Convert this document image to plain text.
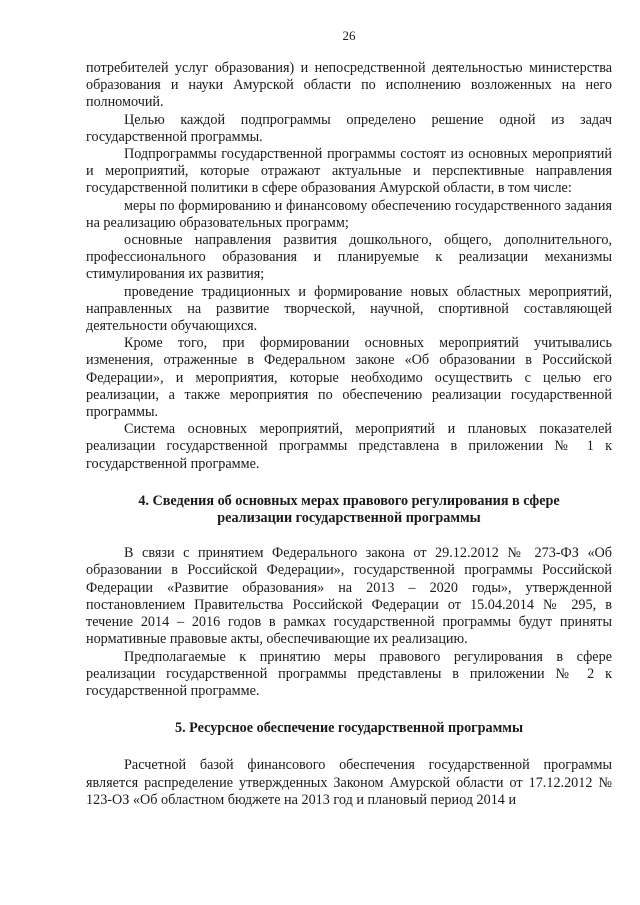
26

потребителей услуг образования) и непосредственной деятельностью министерства образования и науки Амурской области по исполнению возложенных на него полномочий.

Целью каждой подпрограммы определено решение одной из задач государственной программы.

Подпрограммы государственной программы состоят из основных мероприятий и мероприятий, которые отражают актуальные и перспективные направления государственной политики в сфере образования Амурской области, в том числе:

меры по формированию и финансовому обеспечению государственного задания на реализацию образовательных программ;

основные направления развития дошкольного, общего, дополнительного, профессионального образования и планируемые к реализации механизмы стимулирования их развития;

проведение традиционных и формирование новых областных мероприятий, направленных на развитие творческой, научной, спортивной составляющей деятельности обучающихся.

Кроме того, при формировании основных мероприятий учитывались изменения, отраженные в Федеральном законе «Об образовании в Российской Федерации», и мероприятия, которые необходимо осуществить с целью его реализации, а также мероприятия по обеспечению реализации государственной программы.

Система основных мероприятий, мероприятий и плановых показателей реализации государственной программы представлена в приложении № 1 к государственной программе.

4. Сведения об основных мерах правового регулирования в сфере
реализации государственной программы

В связи с принятием Федерального закона от 29.12.2012 № 273-ФЗ «Об образовании в Российской Федерации», государственной программы Российской Федерации «Развитие образования» на 2013 – 2020 годы», утвержденной постановлением Правительства Российской Федерации от 15.04.2014 № 295, в течение 2014 – 2016 годов в рамках государственной программы будут приняты нормативные правовые акты, обеспечивающие их реализацию.

Предполагаемые к принятию меры правового регулирования в сфере реализации государственной программы представлены в приложении № 2 к государственной программе.

5. Ресурсное обеспечение государственной программы

Расчетной базой финансового обеспечения государственной программы является распределение утвержденных Законом Амурской области от 17.12.2012 № 123-ОЗ «Об областном бюджете на 2013 год и плановый период 2014 и
